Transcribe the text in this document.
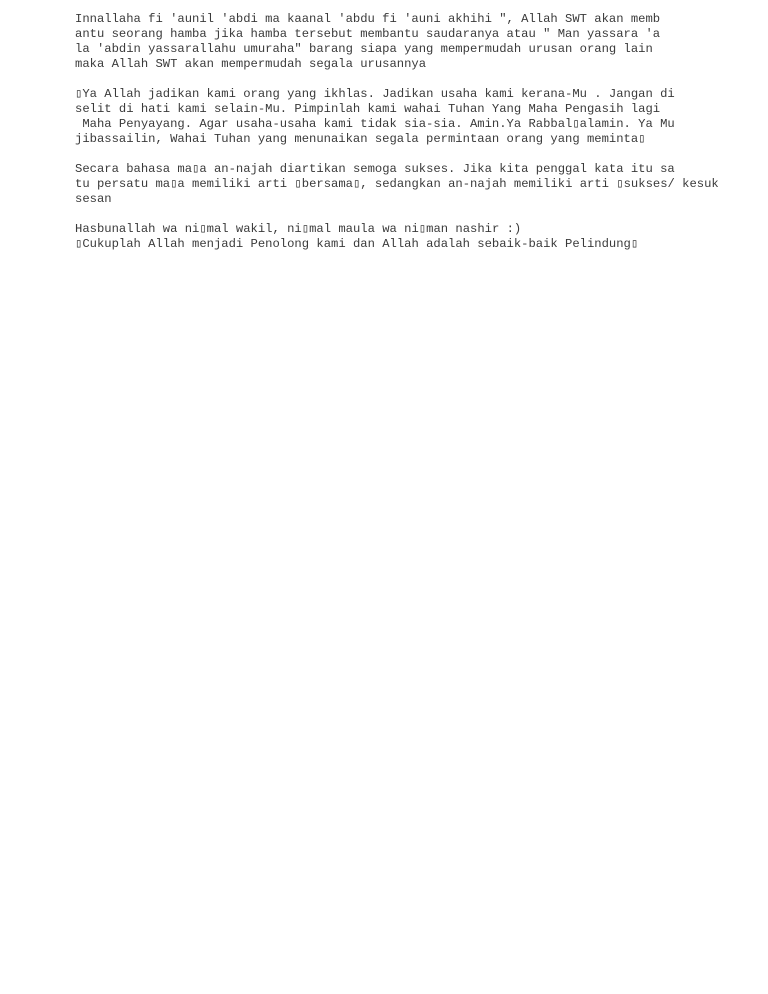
Innallaha fi 'aunil 'abdi ma kaanal 'abdu fi 'auni akhihi ", Allah SWT akan memb
antu seorang hamba jika hamba tersebut membantu saudaranya atau " Man yassara 'a
la 'abdin yassarallahu umuraha" barang siapa yang mempermudah urusan orang lain
maka Allah SWT akan mempermudah segala urusannya
▯Ya Allah jadikan kami orang yang ikhlas. Jadikan usaha kami kerana-Mu . Jangan di
selit di hati kami selain-Mu. Pimpinlah kami wahai Tuhan Yang Maha Pengasih lagi
Maha Penyayang. Agar usaha-usaha kami tidak sia-sia. Amin.Ya Rabbal▯alamin. Ya Mu
jibassailin, Wahai Tuhan yang menunaikan segala permintaan orang yang meminta▯
Secara bahasa ma▯a an-najah diartikan semoga sukses. Jika kita penggal kata itu sa
tu persatu ma▯a memiliki arti ▯bersama▯, sedangkan an-najah memiliki arti ▯sukses/ kesuk
sesan
Hasbunallah wa ni▯mal wakil, ni▯mal maula wa ni▯man nashir :)
▯Cukuplah Allah menjadi Penolong kami dan Allah adalah sebaik-baik Pelindung▯
